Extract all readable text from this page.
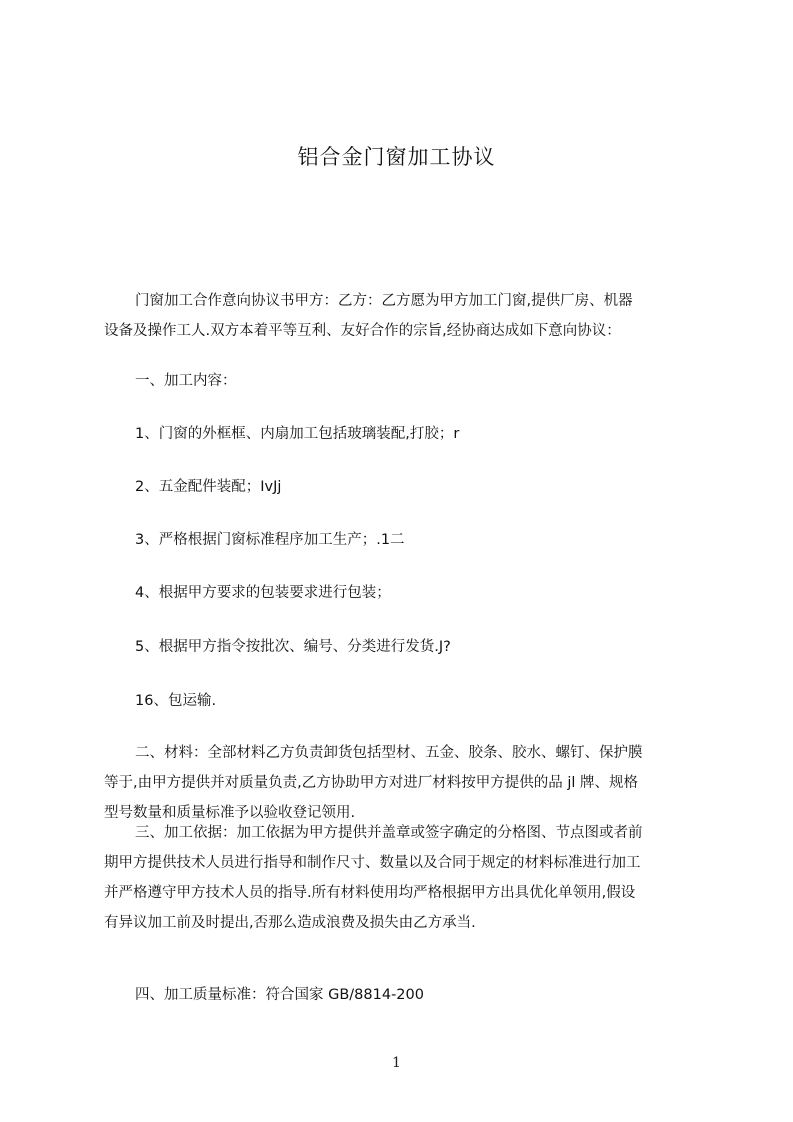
铝合金门窗加工协议
门窗加工合作意向协议书甲方：乙方：乙方愿为甲方加工门窗,提供厂房、机器
设备及操作工人.双方本着平等互利、友好合作的宗旨,经协商达成如下意向协议：
一、加工内容：
1、门窗的外框框、内扇加工包括玻璃装配,打胶；r
2、五金配件装配；IvJj
3、严格根据门窗标准程序加工生产；.1二
4、根据甲方要求的包装要求进行包装；
5、根据甲方指令按批次、编号、分类进行发货.J?
16、包运输.
二、材料：全部材料乙方负责卸货包括型材、五金、胶条、胶水、螺钉、保护膜
等于,由甲方提供并对质量负责,乙方协助甲方对进厂材料按甲方提供的品 jl 牌、规格
型号数量和质量标准予以验收登记领用.
三、加工依据：加工依据为甲方提供并盖章或签字确定的分格图、节点图或者前
期甲方提供技术人员进行指导和制作尺寸、数量以及合同于规定的材料标准进行加工
并严格遵守甲方技术人员的指导.所有材料使用均严格根据甲方出具优化单领用,假设
有异议加工前及时提出,否那么造成浪费及损失由乙方承当.
四、加工质量标准：符合国家 GB/8814-200
1
